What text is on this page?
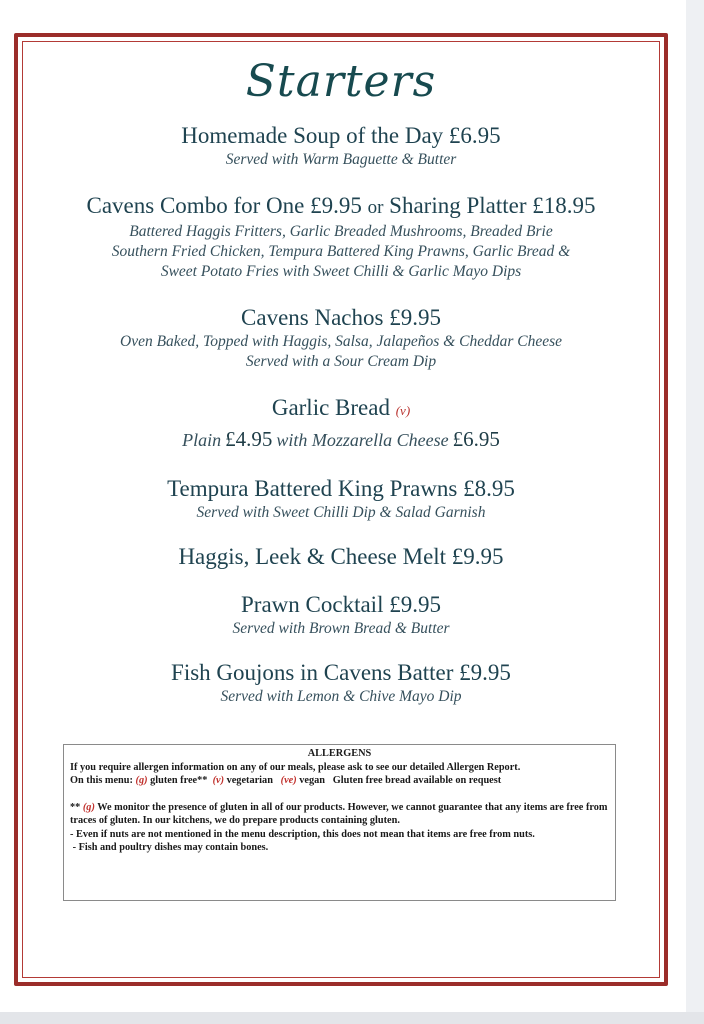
Starters
Homemade Soup of the Day £6.95
Served with Warm Baguette & Butter
Cavens Combo for One £9.95 or Sharing Platter £18.95
Battered Haggis Fritters, Garlic Breaded Mushrooms, Breaded Brie
Southern Fried Chicken, Tempura Battered King Prawns, Garlic Bread &
Sweet Potato Fries with Sweet Chilli & Garlic Mayo Dips
Cavens Nachos £9.95
Oven Baked, Topped with Haggis, Salsa, Jalapeños & Cheddar Cheese
Served with a Sour Cream Dip
Garlic Bread (v)
Plain £4.95 with Mozzarella Cheese £6.95
Tempura Battered King Prawns £8.95
Served with Sweet Chilli Dip & Salad Garnish
Haggis, Leek & Cheese Melt £9.95
Prawn Cocktail £9.95
Served with Brown Bread & Butter
Fish Goujons in Cavens Batter £9.95
Served with Lemon & Chive Mayo Dip
ALLERGENS
If you require allergen information on any of our meals, please ask to see our detailed Allergen Report.
On this menu: (g) gluten free** (v) vegetarian (ve) vegan Gluten free bread available on request
** (g) We monitor the presence of gluten in all of our products. However, we cannot guarantee that any items are free from traces of gluten. In our kitchens, we do prepare products containing gluten.
- Even if nuts are not mentioned in the menu description, this does not mean that items are free from nuts.
- Fish and poultry dishes may contain bones.
